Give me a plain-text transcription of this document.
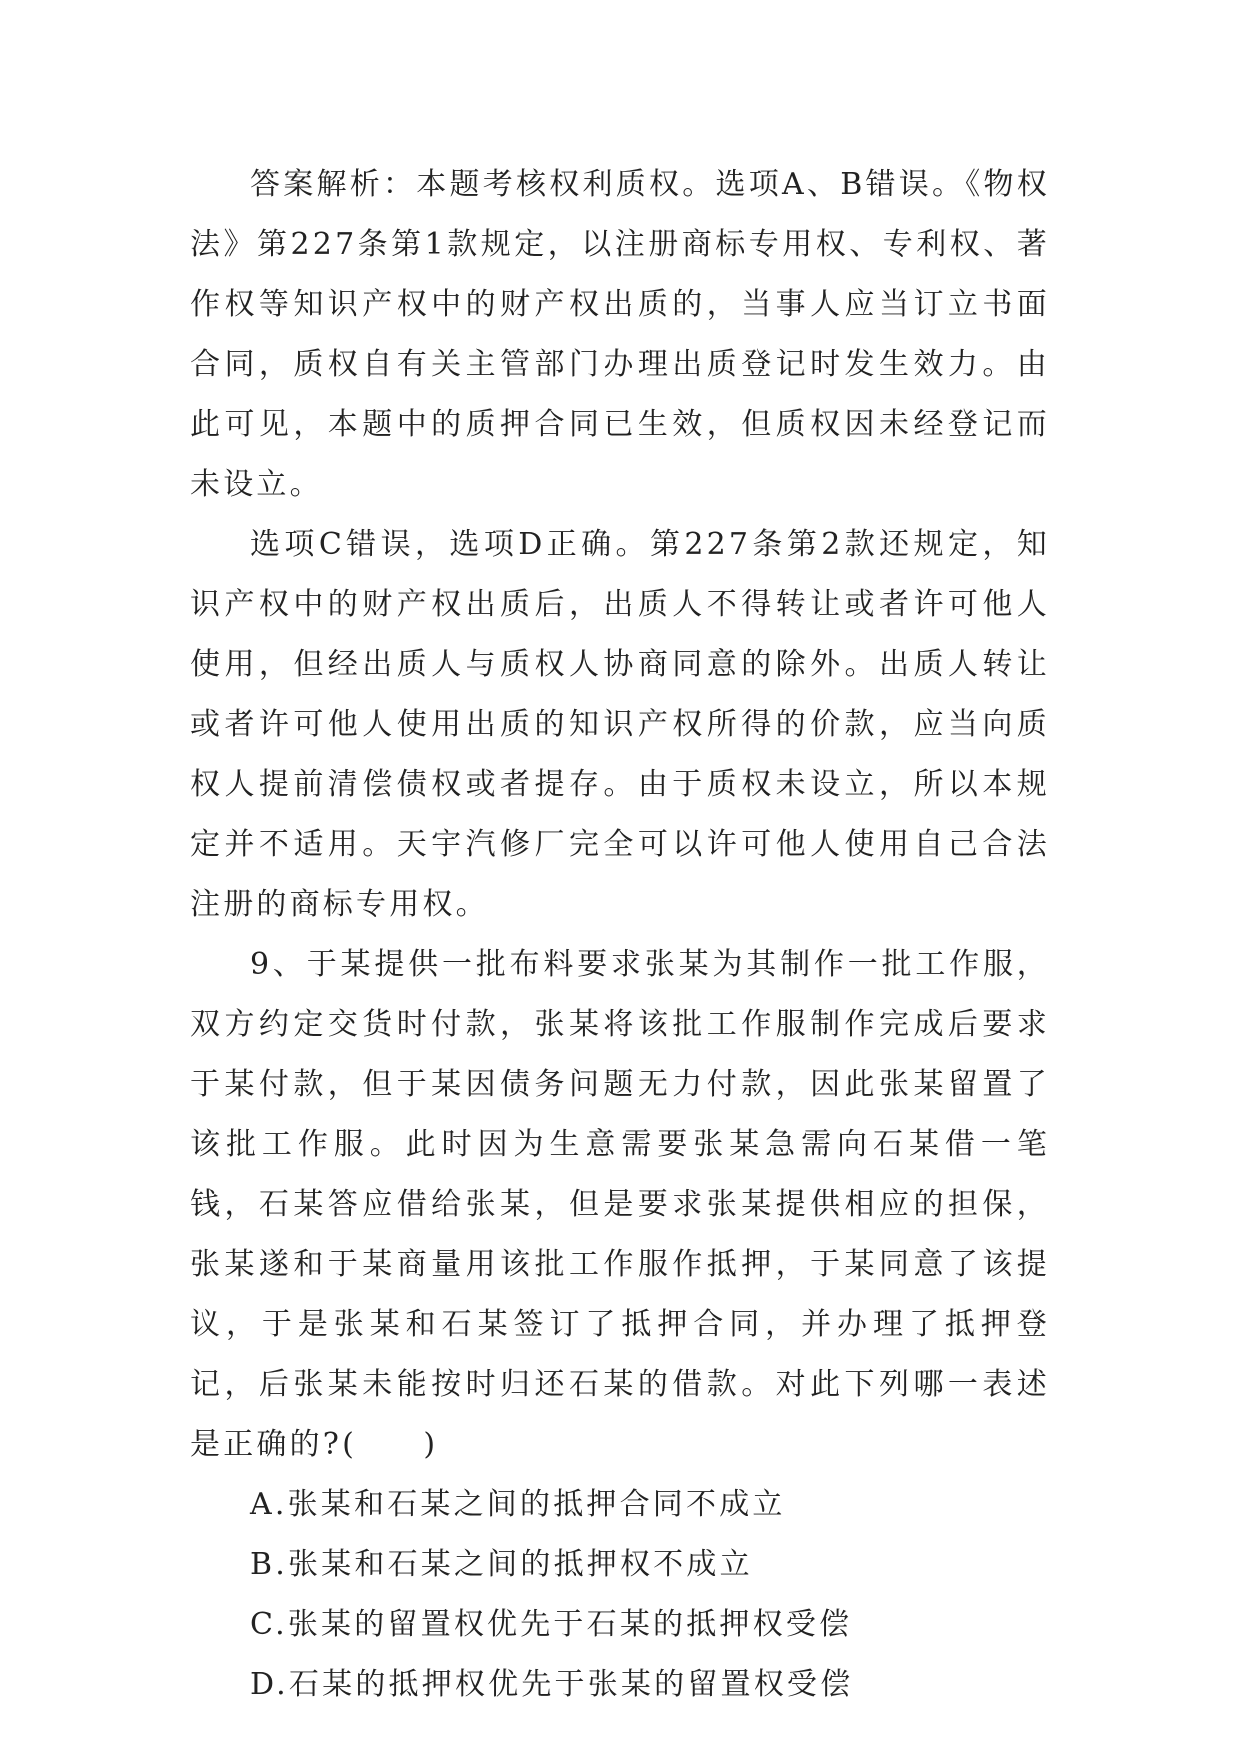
答案解析：本题考核权利质权。选项A、B错误。《物权法》第227条第1款规定，以注册商标专用权、专利权、著作权等知识产权中的财产权出质的，当事人应当订立书面合同，质权自有关主管部门办理出质登记时发生效力。由此可见，本题中的质押合同已生效，但质权因未经登记而未设立。

选项C错误，选项D正确。第227条第2款还规定，知识产权中的财产权出质后，出质人不得转让或者许可他人使用，但经出质人与质权人协商同意的除外。出质人转让或者许可他人使用出质的知识产权所得的价款，应当向质权人提前清偿债权或者提存。由于质权未设立，所以本规定并不适用。天宇汽修厂完全可以许可他人使用自己合法注册的商标专用权。

9、于某提供一批布料要求张某为其制作一批工作服，双方约定交货时付款，张某将该批工作服制作完成后要求于某付款，但于某因债务问题无力付款，因此张某留置了该批工作服。此时因为生意需要张某急需向石某借一笔钱，石某答应借给张某，但是要求张某提供相应的担保，张某遂和于某商量用该批工作服作抵押，于某同意了该提议，于是张某和石某签订了抵押合同，并办理了抵押登记，后张某未能按时归还石某的借款。对此下列哪一表述是正确的?(　　)

A.张某和石某之间的抵押合同不成立

B.张某和石某之间的抵押权不成立

C.张某的留置权优先于石某的抵押权受偿

D.石某的抵押权优先于张某的留置权受偿
